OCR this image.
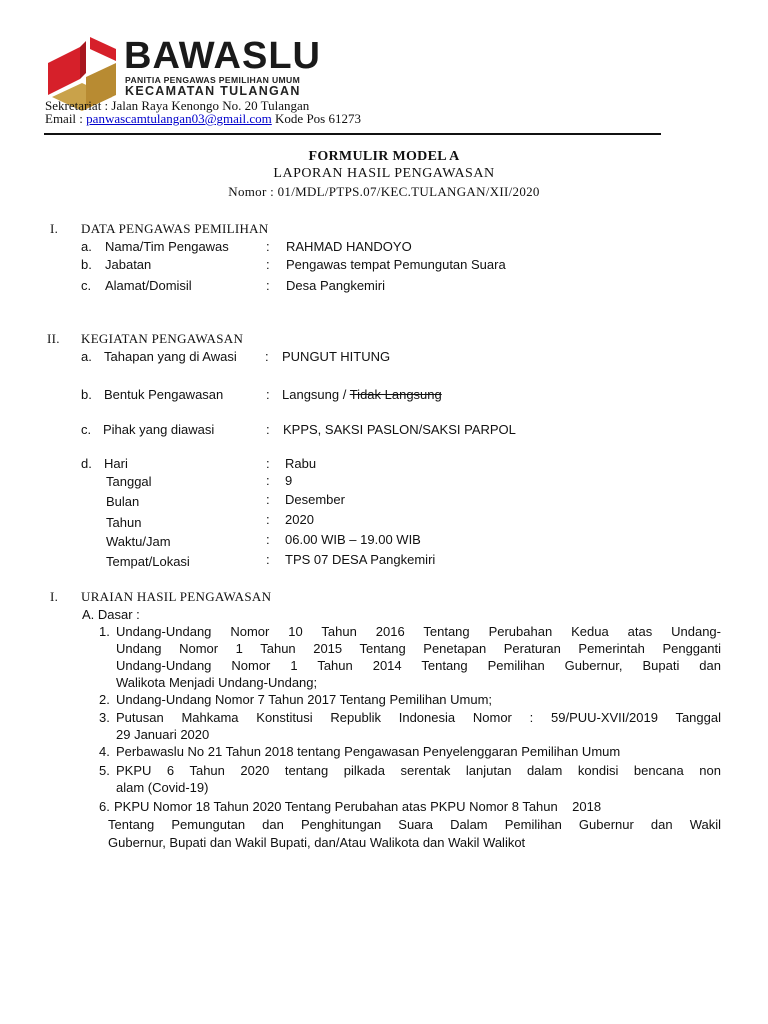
BAWASLU
PANITIA PENGAWAS PEMILIHAN UMUM
KECAMATAN TULANGAN
Sekretariat : Jalan Raya Kenongo No. 20 Tulangan
Email : panwascamtulangan03@gmail.com Kode Pos 61273
FORMULIR MODEL A
LAPORAN HASIL PENGAWASAN
Nomor : 01/MDL/PTPS.07/KEC.TULANGAN/XII/2020
I. DATA PENGAWAS PEMILIHAN
a. Nama/Tim Pengawas	: RAHMAD HANDOYO
b. Jabatan	: Pengawas tempat Pemungutan Suara
c. Alamat/Domisil	: Desa Pangkemiri
II. KEGIATAN PENGAWASAN
a. Tahapan yang di Awasi : PUNGUT HITUNG
b. Bentuk Pengawasan	: Langsung / Tidak Langsung
c. Pihak yang diawasi	: KPPS, SAKSI PASLON/SAKSI PARPOL
d. Hari	: Rabu
Tanggal	: 9
Bulan	: Desember
Tahun	: 2020
Waktu/Jam	: 06.00 WIB – 19.00 WIB
Tempat/Lokasi	: TPS 07 DESA Pangkemiri
I. URAIAN HASIL PENGAWASAN
A. Dasar :
1. Undang-Undang Nomor 10 Tahun 2016 Tentang Perubahan Kedua atas Undang-
Undang Nomor 1 Tahun 2015 Tentang Penetapan Peraturan Pemerintah Pengganti
Undang-Undang Nomor 1 Tahun 2014 Tentang Pemilihan Gubernur, Bupati dan
Walikota Menjadi Undang-Undang;
2. Undang-Undang Nomor 7 Tahun 2017 Tentang Pemilihan Umum;
3. Putusan Mahkama Konstitusi Republik Indonesia Nomor : 59/PUU-XVII/2019 Tanggal
29 Januari 2020
4. Perbawaslu No 21 Tahun 2018 tentang Pengawasan Penyelenggaran Pemilihan Umum
5. PKPU 6 Tahun 2020 tentang pilkada serentak lanjutan dalam kondisi bencana non
alam (Covid-19)
6. PKPU Nomor 18 Tahun 2020 Tentang Perubahan atas PKPU Nomor 8 Tahun    2018
Tentang Pemungutan dan Penghitungan Suara Dalam Pemilihan Gubernur dan Wakil
Gubernur, Bupati dan Wakil Bupati, dan/Atau Walikota dan Wakil Walikot
